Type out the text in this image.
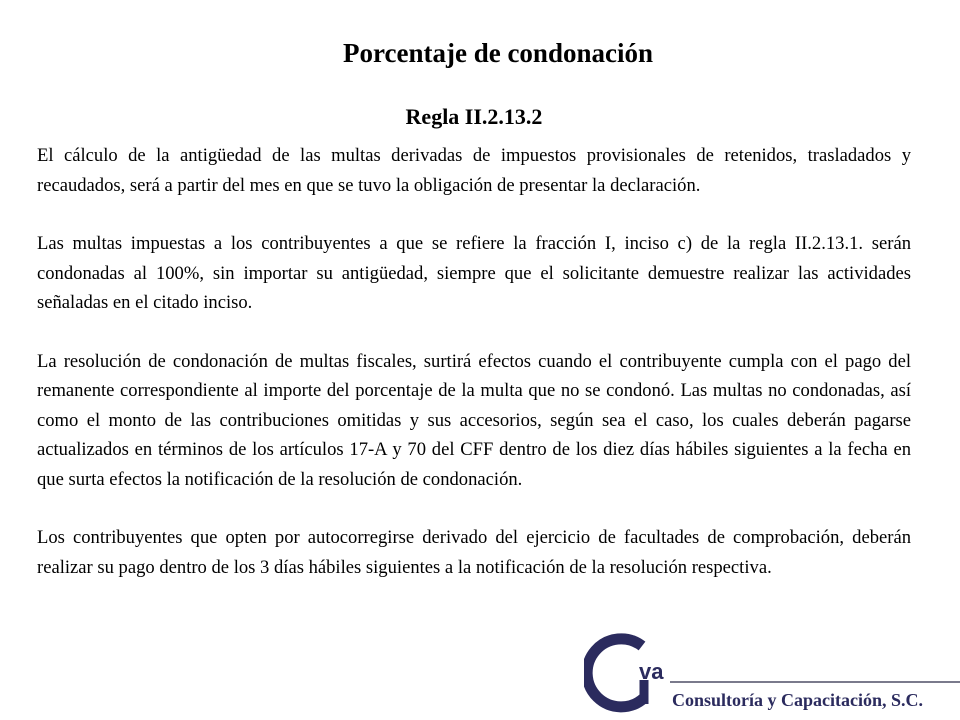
Porcentaje de condonación
Regla II.2.13.2

El cálculo de la antigüedad de las multas derivadas de impuestos provisionales de retenidos, trasladados y recaudados, será a partir del mes en que se tuvo la obligación de presentar la declaración.

Las multas impuestas a los contribuyentes a que se refiere la fracción I, inciso c) de la regla II.2.13.1. serán condonadas al 100%, sin importar su antigüedad, siempre que el solicitante demuestre realizar las actividades señaladas en el citado inciso.

La resolución de condonación de multas fiscales, surtirá efectos cuando el contribuyente cumpla con el pago del remanente correspondiente al importe del porcentaje de la multa que no se condonó. Las multas no condonadas, así como el monto de las contribuciones omitidas y sus accesorios, según sea el caso, los cuales deberán pagarse actualizados en términos de los artículos 17-A y 70 del CFF dentro de los diez días hábiles siguientes a la fecha en que surta efectos la notificación de la resolución de condonación.

Los contribuyentes que opten por autocorregirse derivado del ejercicio de facultades de comprobación, deberán realizar su pago dentro de los 3 días hábiles siguientes a la notificación de la resolución respectiva.

va
Consultoría y Capacitación, S.C.
